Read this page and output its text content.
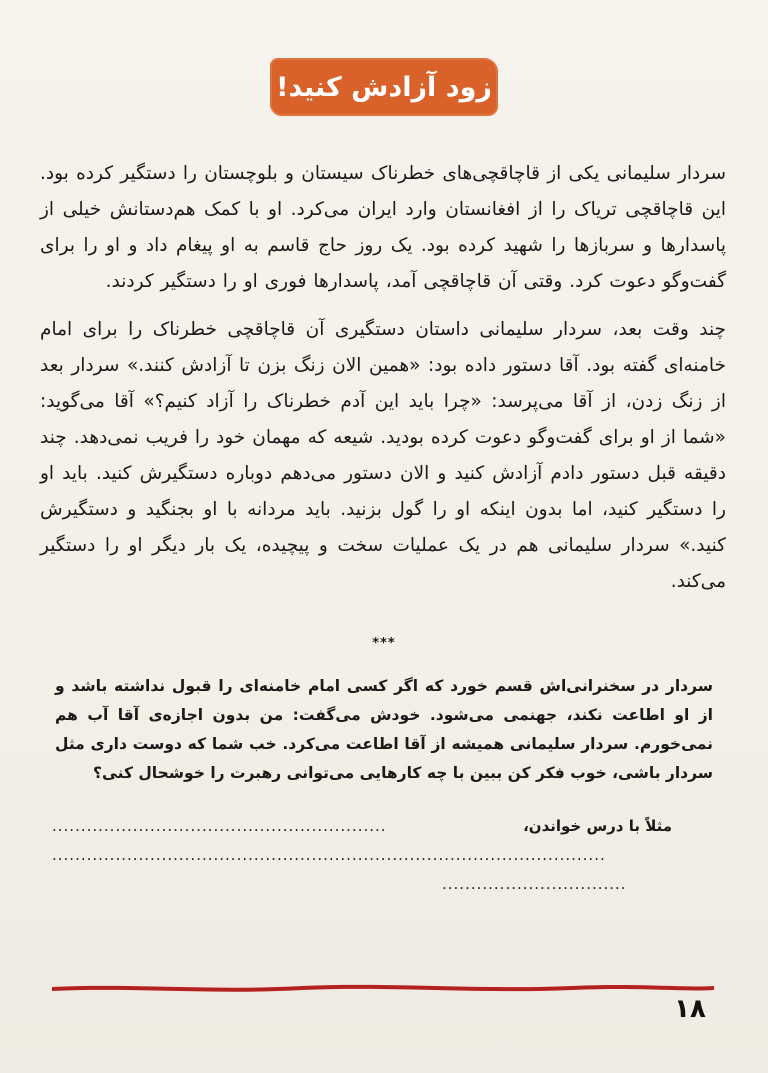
زود آزادش کنید!

سردار سلیمانی یکی از قاچاقچی‌های خطرناک سیستان و بلوچستان را دستگیر کرده بود. این قاچاقچی تریاک را از افغانستان وارد ایران می‌کرد. او با کمک هم‌دستانش خیلی از پاسدارها و سربازها را شهید کرده بود. یک روز حاج قاسم به او پیغام داد و او را برای گفت‌وگو دعوت کرد. وقتی آن قاچاقچی آمد، پاسدارها فوری او را دستگیر کردند.

چند وقت بعد، سردار سلیمانی داستان دستگیری آن قاچاقچی خطرناک را برای امام خامنه‌ای گفته بود. آقا دستور داده بود: «همین الان زنگ بزن تا آزادش کنند.» سردار بعد از زنگ زدن، از آقا می‌پرسد: «چرا باید این آدم خطرناک را آزاد کنیم؟» آقا می‌گوید: «شما از او برای گفت‌وگو دعوت کرده بودید. شیعه که مهمان خود را فریب نمی‌دهد. چند دقیقه قبل دستور دادم آزادش کنید و الان دستور می‌دهم دوباره دستگیرش کنید. باید او را دستگیر کنید، اما بدون اینکه او را گول بزنید. باید مردانه با او بجنگید و دستگیرش کنید.» سردار سلیمانی هم در یک عملیات سخت و پیچیده، یک بار دیگر او را دستگیر می‌کند.

***

سردار در سخنرانی‌اش قسم خورد که اگر کسی امام خامنه‌ای را قبول نداشته باشد و از او اطاعت نکند، جهنمی می‌شود. خودش می‌گفت: من بدون اجازه‌ی آقا آب هم نمی‌خورم. سردار سلیمانی همیشه از آقا اطاعت می‌کرد. خب شما که دوست داری مثل سردار باشی، خوب فکر کن ببین با چه کارهایی می‌توانی رهبرت را خوشحال کنی؟

مثلاً با درس خواندن،
..........................................................
................................................................................................
................................
۱۸
